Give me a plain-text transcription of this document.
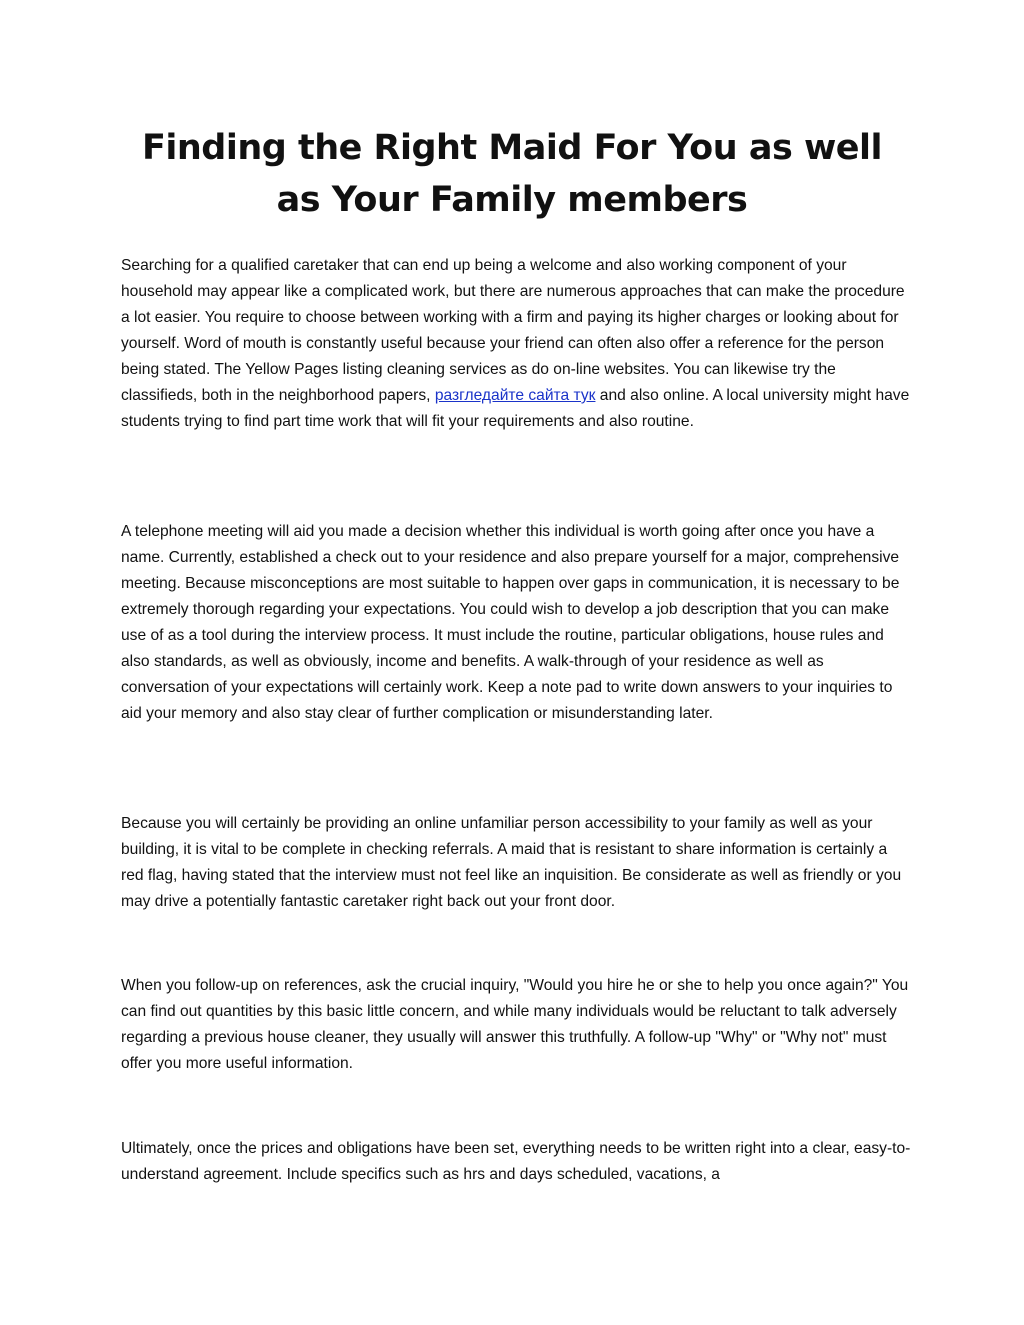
Finding the Right Maid For You as well as Your Family members

Searching for a qualified caretaker that can end up being a welcome and also working component of your household may appear like a complicated work, but there are numerous approaches that can make the procedure a lot easier. You require to choose between working with a firm and paying its higher charges or looking about for yourself. Word of mouth is constantly useful because your friend can often also offer a reference for the person being stated. The Yellow Pages listing cleaning services as do on-line websites. You can likewise try the classifieds, both in the neighborhood papers, разгледайте сайта тук and also online. A local university might have students trying to find part time work that will fit your requirements and also routine.

A telephone meeting will aid you made a decision whether this individual is worth going after once you have a name. Currently, established a check out to your residence and also prepare yourself for a major, comprehensive meeting. Because misconceptions are most suitable to happen over gaps in communication, it is necessary to be extremely thorough regarding your expectations. You could wish to develop a job description that you can make use of as a tool during the interview process. It must include the routine, particular obligations, house rules and also standards, as well as obviously, income and benefits. A walk-through of your residence as well as conversation of your expectations will certainly work. Keep a note pad to write down answers to your inquiries to aid your memory and also stay clear of further complication or misunderstanding later.

Because you will certainly be providing an online unfamiliar person accessibility to your family as well as your building, it is vital to be complete in checking referrals. A maid that is resistant to share information is certainly a red flag, having stated that the interview must not feel like an inquisition. Be considerate as well as friendly or you may drive a potentially fantastic caretaker right back out your front door.

When you follow-up on references, ask the crucial inquiry, "Would you hire he or she to help you once again?" You can find out quantities by this basic little concern, and while many individuals would be reluctant to talk adversely regarding a previous house cleaner, they usually will answer this truthfully. A follow-up "Why" or "Why not" must offer you more useful information.

Ultimately, once the prices and obligations have been set, everything needs to be written right into a clear, easy-to-understand agreement. Include specifics such as hrs and days scheduled, vacations, a
